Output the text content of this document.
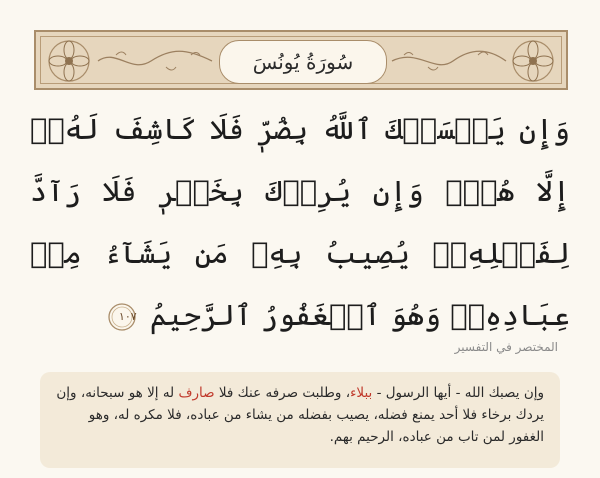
سُورَةُ يُونُسَ
وَإِن يَمۡسَسۡكَ ٱللَّهُ بِضُرّٖ فَلَا كَاشِفَ لَهُۥٓ إِلَّا هُوَۖ وَإِن يُرِدۡكَ بِخَيۡرٖ فَلَا رَآدَّ لِفَضۡلِهِۦۚ يُصِيبُ بِهِۦ مَن يَشَآءُ مِنۡ عِبَادِهِۦۚ وَهُوَ ٱلۡغَفُورُ ٱلرَّحِيمُ
١٠٧
المختصر في التفسير
وإن يصبك الله - أيها الرسول - ببلاء، وطلبت صرفه عنك فلا صارف له إلا هو سبحانه، وإن يردك برخاء فلا أحد يمنع فضله، يصيب بفضله من يشاء من عباده، فلا مكره له، وهو الغفور لمن تاب من عباده، الرحيم بهم.
